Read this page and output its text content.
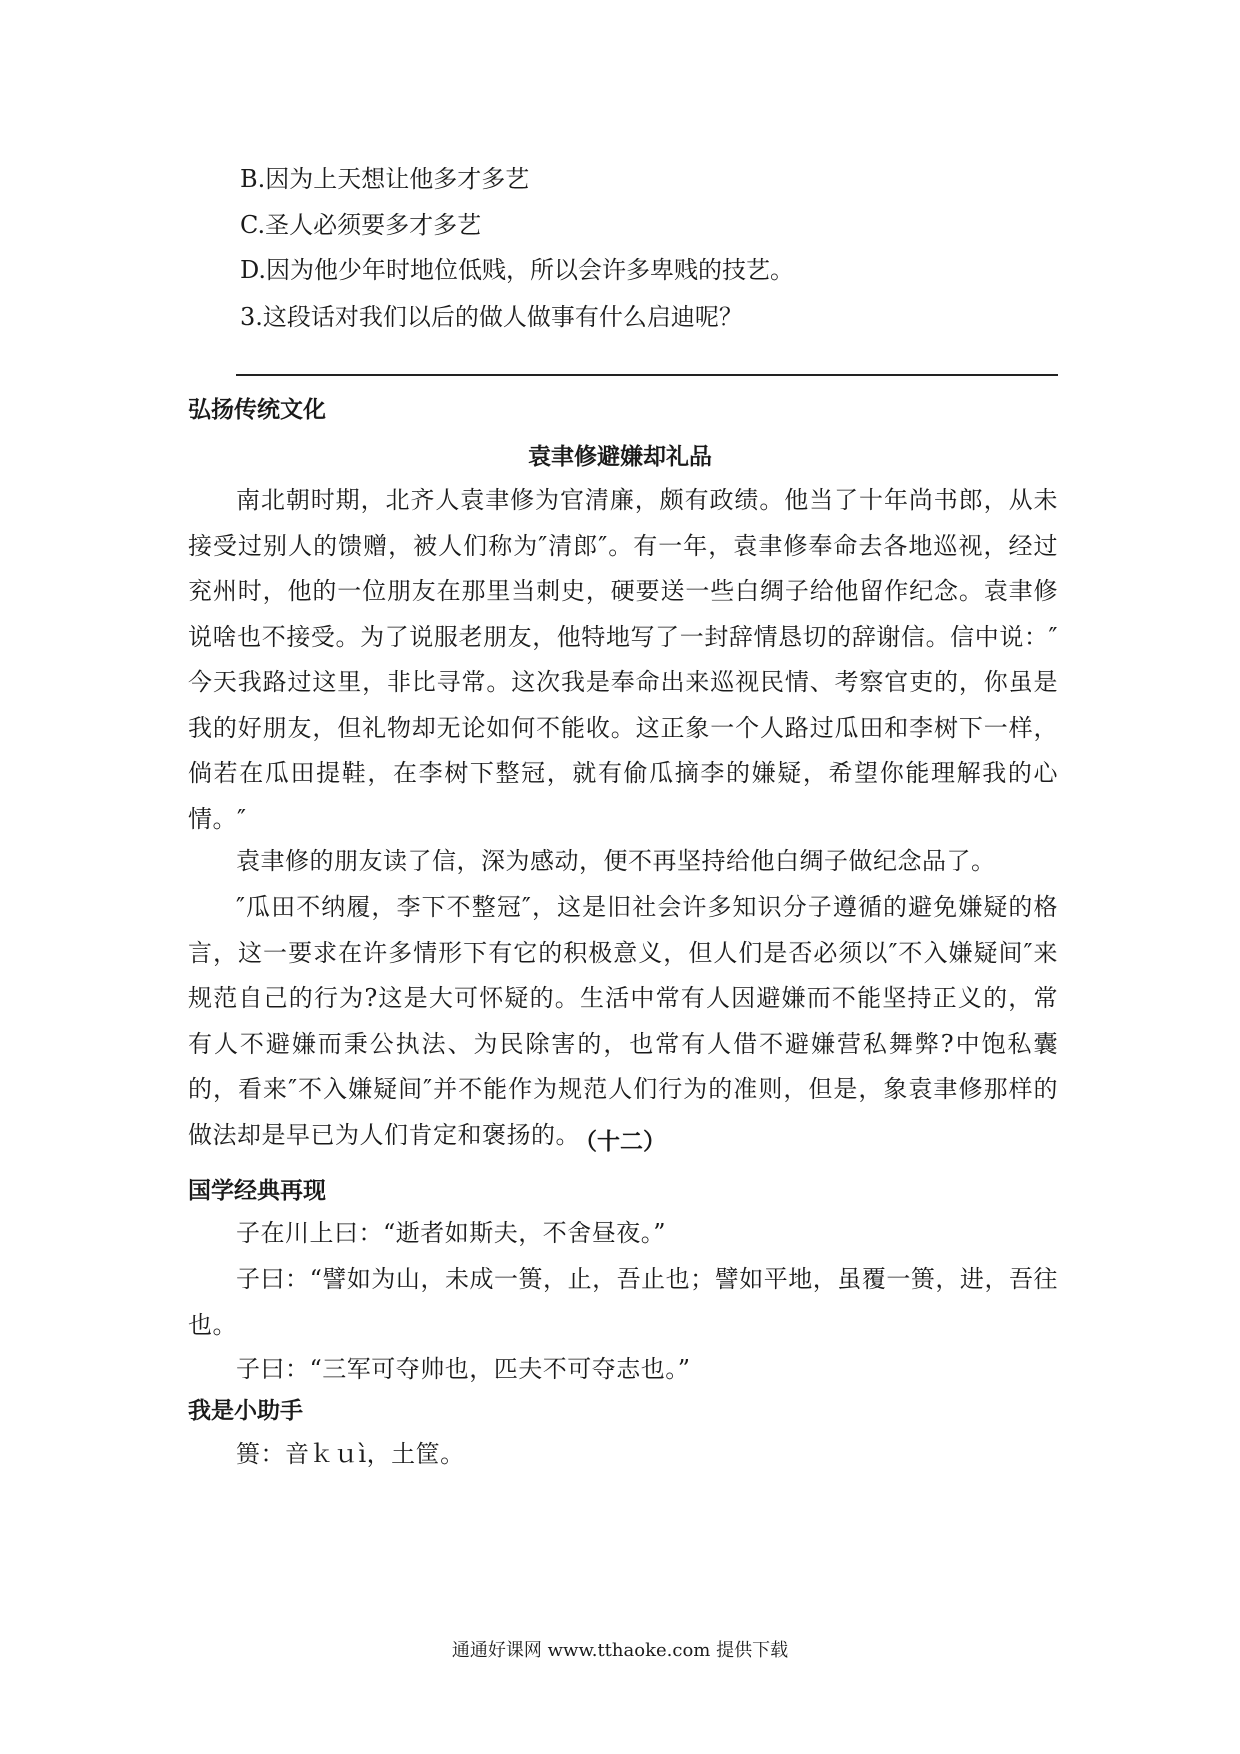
B.因为上天想让他多才多艺
C.圣人必须要多才多艺
D.因为他少年时地位低贱，所以会许多卑贱的技艺。
3.这段话对我们以后的做人做事有什么启迪呢？
弘扬传统文化
袁聿修避嫌却礼品
南北朝时期，北齐人袁聿修为官清廉，颇有政绩。他当了十年尚书郎，从未接受过别人的馈赠，被人们称为″清郎″。有一年，袁聿修奉命去各地巡视，经过兖州时，他的一位朋友在那里当刺史，硬要送一些白绸子给他留作纪念。袁聿修说啥也不接受。为了说服老朋友，他特地写了一封辞情恳切的辞谢信。信中说：″今天我路过这里，非比寻常。这次我是奉命出来巡视民情、考察官吏的，你虽是我的好朋友，但礼物却无论如何不能收。这正象一个人路过瓜田和李树下一样，倘若在瓜田提鞋，在李树下整冠，就有偷瓜摘李的嫌疑，希望你能理解我的心情。″
袁聿修的朋友读了信，深为感动，便不再坚持给他白绸子做纪念品了。
″瓜田不纳履，李下不整冠″，这是旧社会许多知识分子遵循的避免嫌疑的格言，这一要求在许多情形下有它的积极意义，但人们是否必须以″不入嫌疑间″来规范自己的行为?这是大可怀疑的。生活中常有人因避嫌而不能坚持正义的，常有人不避嫌而秉公执法、为民除害的，也常有人借不避嫌营私舞弊?中饱私囊的，看来″不入嫌疑间″并不能作为规范人们行为的准则，但是，象袁聿修那样的做法却是早已为人们肯定和褒扬的。
（十二）
国学经典再现
子在川上曰：“逝者如斯夫，不舍昼夜。”
子曰：“譬如为山，未成一篑，止，吾止也；譬如平地，虽覆一篑，进，吾往也。
子曰：“三军可夺帅也，匹夫不可夺志也。”
我是小助手
篑：音ｋｕì，土筐。
通通好课网 www.tthaoke.com 提供下载
